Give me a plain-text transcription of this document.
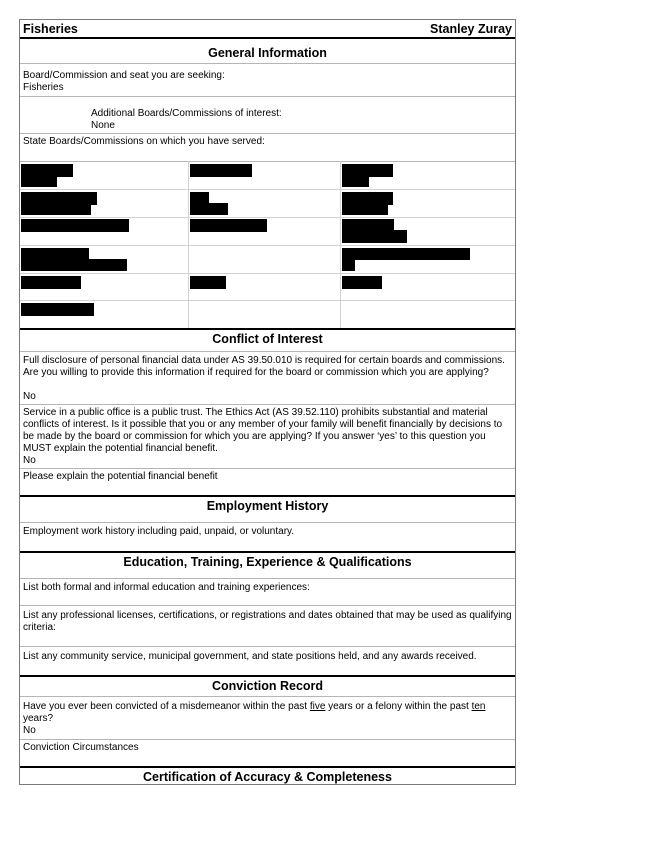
Fisheries	Stanley Zuray
General Information
Board/Commission and seat you are seeking:
Fisheries
Additional Boards/Commissions of interest:
None
State Boards/Commissions on which you have served:
Conflict of Interest
Full disclosure of personal financial data under AS 39.50.010 is required for certain boards and commissions. Are you willing to provide this information if required for the board or commission which you are applying?
No
Service in a public office is a public trust. The Ethics Act (AS 39.52.110) prohibits substantial and material conflicts of interest. Is it possible that you or any member of your family will benefit financially by decisions to be made by the board or commission for which you are applying? If you answer ‘yes’ to this question you MUST explain the potential financial benefit.
No
Please explain the potential financial benefit
Employment History
Employment work history including paid, unpaid, or voluntary.
Education, Training, Experience & Qualifications
List both formal and informal education and training experiences:
List any professional licenses, certifications, or registrations and dates obtained that may be used as qualifying criteria:
List any community service, municipal government, and state positions held, and any awards received.
Conviction Record
Have you ever been convicted of a misdemeanor within the past five years or a felony within the past ten
years?
No
Conviction Circumstances
Certification of Accuracy & Completeness
